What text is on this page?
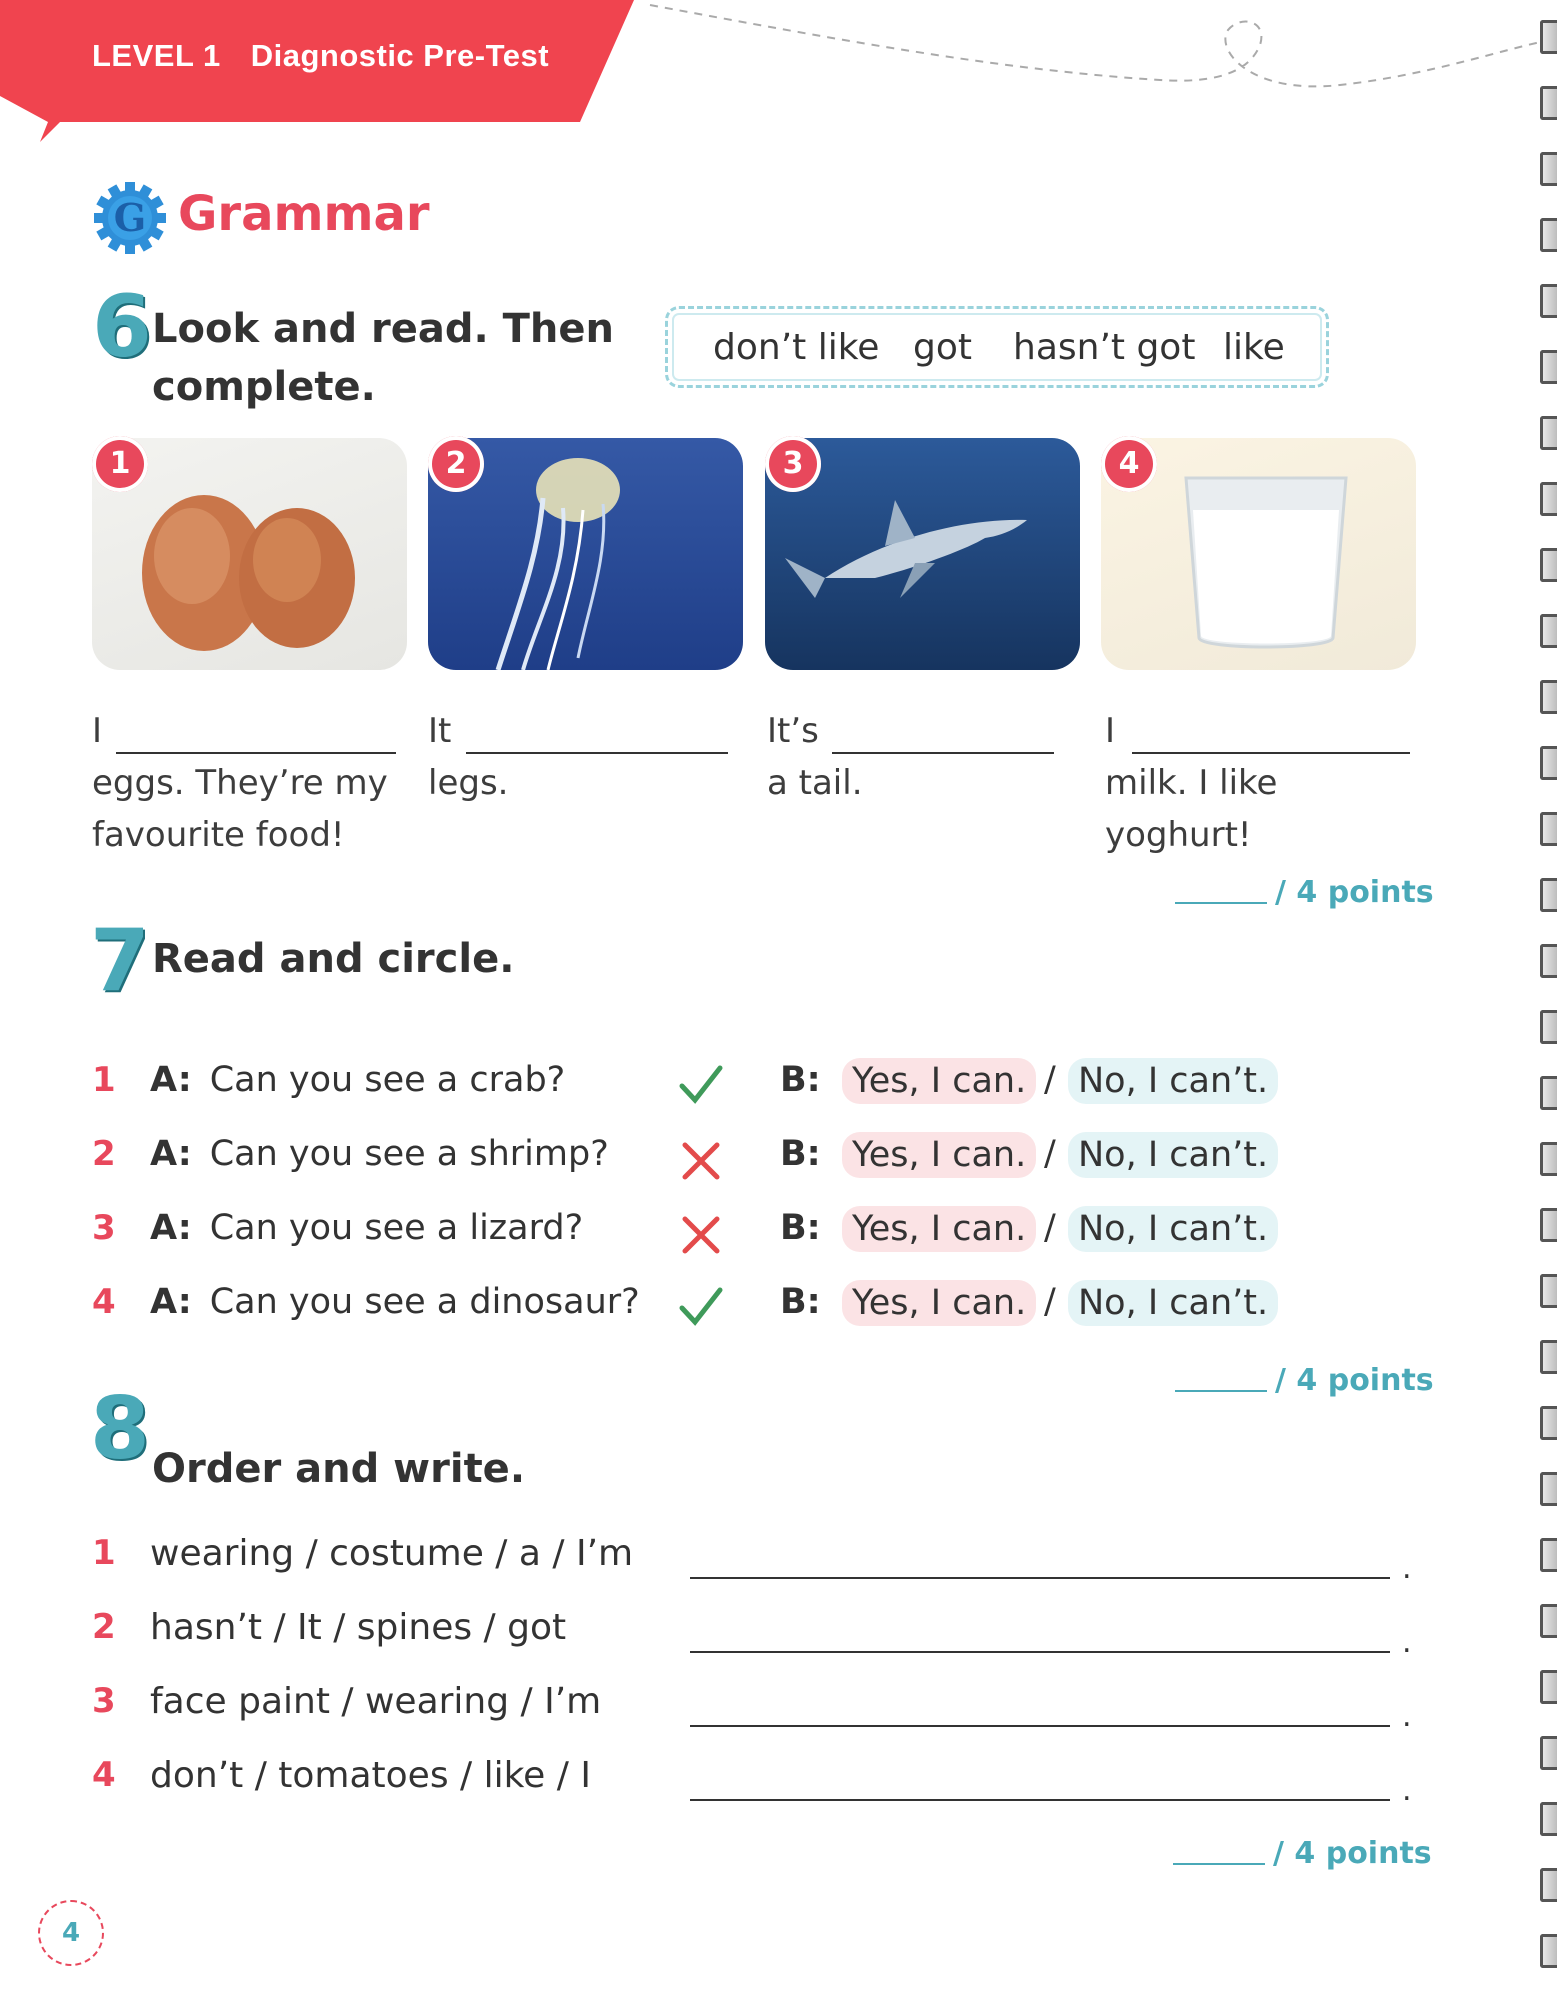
LEVEL 1 Diagnostic Pre-Test
G Grammar
6 Look and read. Then
complete.
don’t like got hasn’t got like
1	2	3	4
I
eggs. They’re my
favourite food!
It
legs.
It’s
a tail.
I
milk. I like
yoghurt!
/ 4 points
7 Read and circle.
1 A: Can you see a crab?	B: Yes, I can. / No, I can’t.
2 A: Can you see a shrimp?	B: Yes, I can. / No, I can’t.
3 A: Can you see a lizard?	B: Yes, I can. / No, I can’t.
4 A: Can you see a dinosaur?	B: Yes, I can. / No, I can’t.
/ 4 points
8 Order and write.
1 wearing / costume / a / I’m	.
2 hasn’t / It / spines / got	.
3 face paint / wearing / I’m	.
4 don’t / tomatoes / like / I	.
/ 4 points
4
